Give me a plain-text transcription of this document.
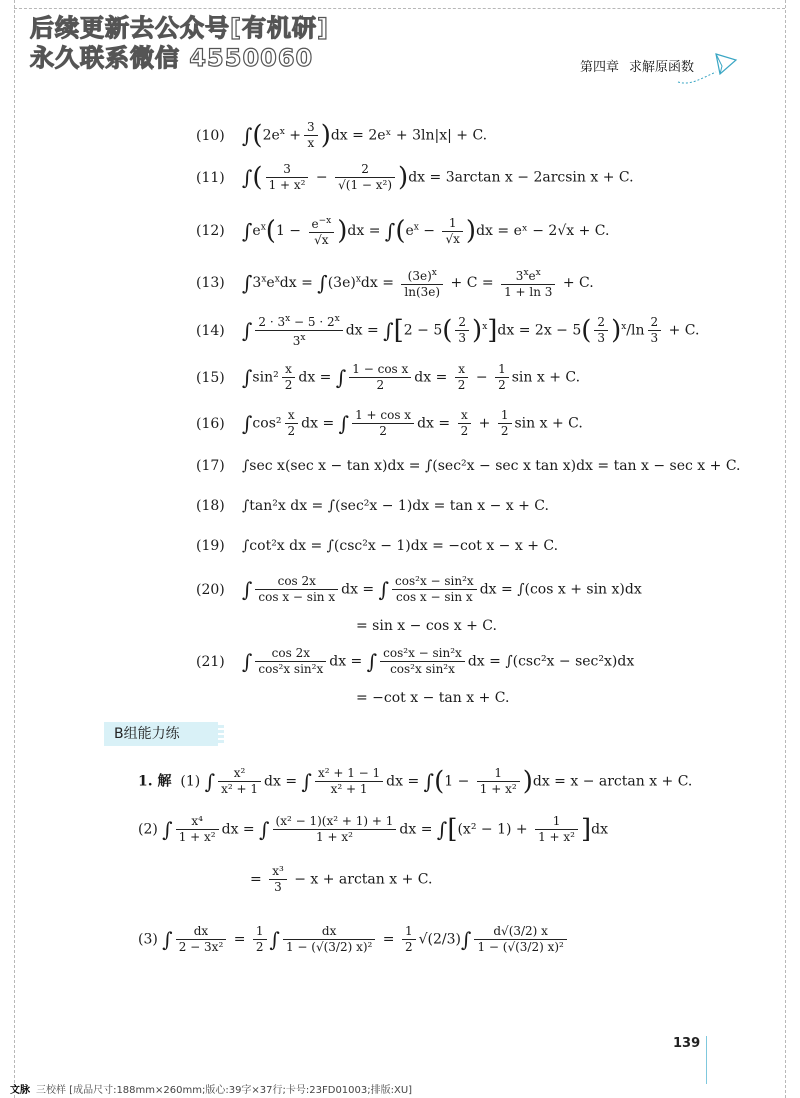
后续更新去公众号[有机研]
永久联系微信 4550060	第四章 求解原函数
(10) $\int(2e^x + \frac{3}{x} )dx$ = 2eˣ + 3ln|x| + C.
(11) ∫( $\frac{3}{\text{1 + x²}} - \frac{2}{\text{√(1 − x²)}} )dx = 3\arctan$ x − 2arcsin x + C.
(12) $\int e^x(1 - \frac{e^{-x}}{√x} )dx = \int(e^x - \frac{1}{√x} )dx$ = eˣ − 2√x + C.
(13) $\int 3^xe^xdx = \int(3e)^xdx = \frac{(3e)^x}{\ln(3e)} + C = \frac{3^xe^x}{1 + \ln 3} + C$.
(14) ∫ $\frac{2 \cdot 3^x - 5 \cdot 2^x}{3^x}$ dx = $\int[2 - 5( \frac{2}{3} )^x]dx = 2x - 5( \frac{2}{3} )^x/\ln \frac{2}{3} + C$.
(15) $\int\sin^2 \frac{x}{2}$ dx = ∫ $\frac{\text{1 − cos x}}{2}$ dx = $\frac{x}{2} - \frac{1}{2}$ sin x + C.
(16) $\int\cos^2 \frac{x}{2}$ dx = ∫ $\frac{\text{1 + cos x}}{2}$ dx = $\frac{x}{2} + \frac{1}{2}$ sin x + C.
(17) ∫sec x(sec x − tan x)dx = ∫(sec²x − sec x tan x)dx = tan x − sec x + C.
(18) ∫tan²x dx = ∫(sec²x − 1)dx = tan x − x + C.
(19) ∫cot²x dx = ∫(csc²x − 1)dx = −cot x − x + C.
(20) ∫ $\frac{\cos 2x}{\text{cos x − sin x}}$ dx = ∫ $\frac{\text{cos²x − sin²x}}{\text{cos x − sin x}}$ dx = ∫(cos x + sin x)dx
= sin x − cos x + C.
(21) ∫ $\frac{\cos 2x}{\text{cos²x sin²x}}$ dx = ∫ $\frac{\text{cos²x − sin²x}}{\text{cos²x sin²x}}$ dx = ∫(csc²x − sec²x)dx
= −cot x − tan x + C.
B组能力练
1. 解 (1) ∫ $\frac{\text{x²}}{\text{x² + 1}}$ dx = ∫ $\frac{\text{x² + 1 − 1}}{\text{x² + 1}}$ dx = $\int(1 - \frac{1}{\text{1 + x²}} )dx = x - \arctan x + C$.
(2) ∫ $\frac{\text{x⁴}}{\text{1 + x²}}$ dx = ∫ $\frac{\text{(x² − 1)(x² + 1) + 1}}{\text{1 + x²}}$ dx = $\int[(x^2 - 1) + \frac{1}{\text{1 + x²}} ]dx$
= $\frac{\text{x³}}{3} - x + \arctan x + C$.
(3) ∫ $\frac{dx}{\text{2 − 3x²}} = \frac{1}{2}$ ∫ $\frac{dx}{\text{1 − (√(3/2) x)²}} = \frac{1}{2} √(2/3)\int \frac{d√(3/2) x}{\text{1 − (√(3/2) x)²}}$
139
文脉 三校样 [成品尺寸:188mm×260mm;版心:39字×37行;卡号:23FD01003;排版:XU]
